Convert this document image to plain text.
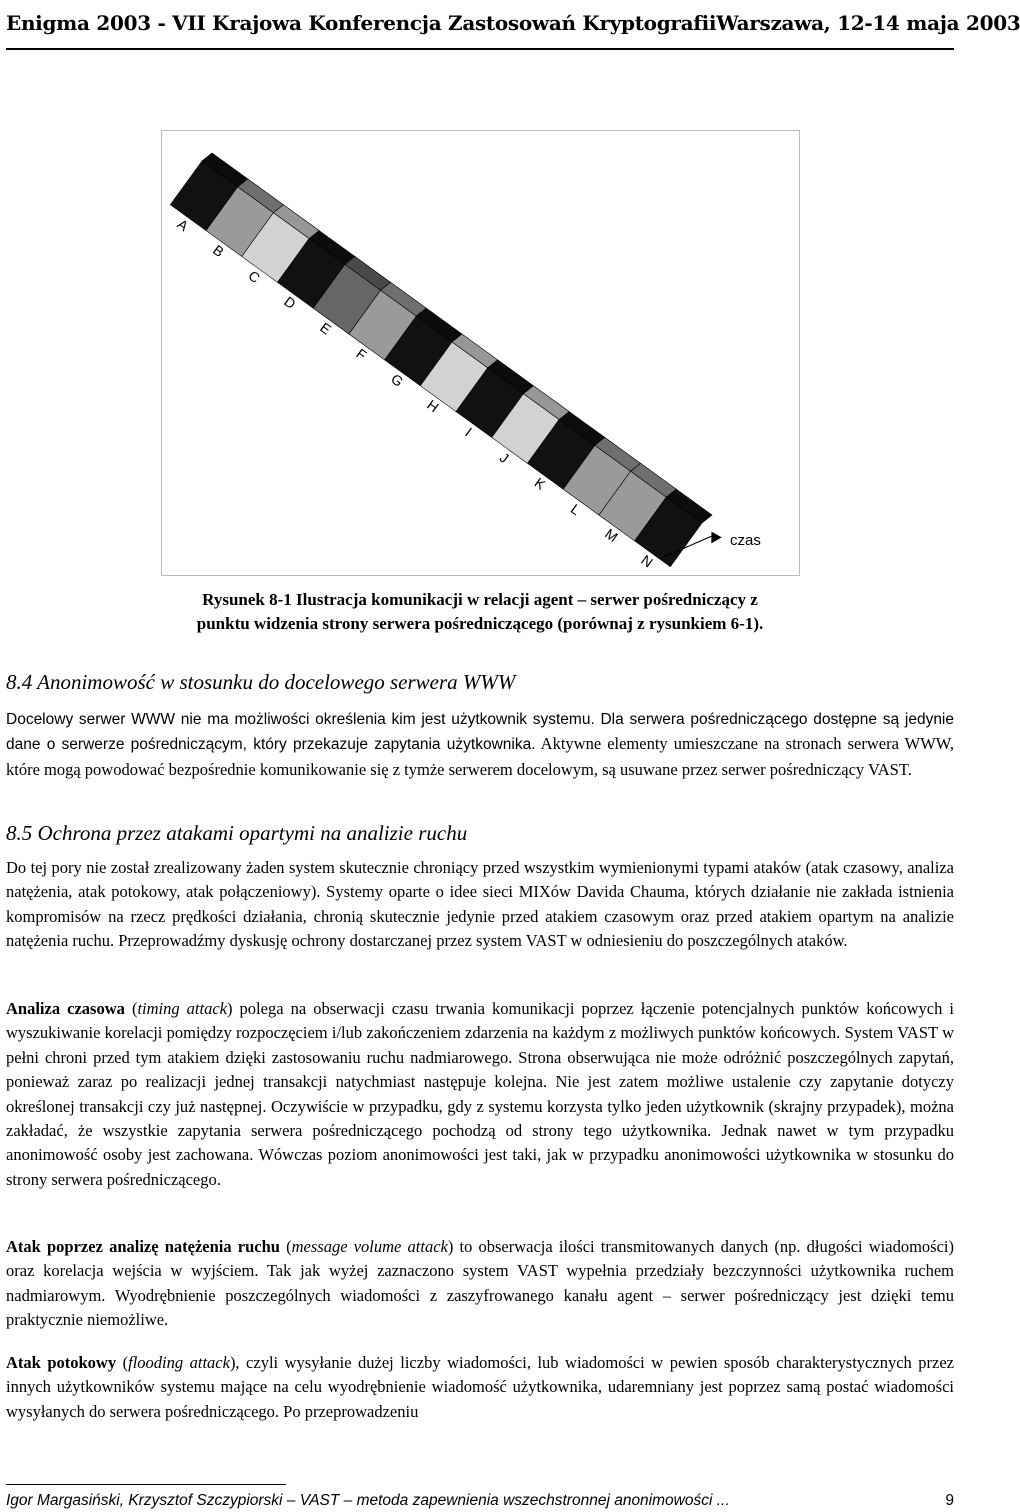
Enigma 2003 - VII Krajowa Konferencja Zastosowań Kryptografii Warszawa, 12-14 maja 2003
A
B
C
D
E
F
G
H
I
J
K
L
M
N
czas
Rysunek 8-1 Ilustracja komunikacji w relacji agent – serwer pośredniczący z
punktu widzenia strony serwera pośredniczącego (porównaj z rysunkiem 6-1).
8.4 Anonimowość w stosunku do docelowego serwera WWW

Docelowy serwer WWW nie ma możliwości określenia kim jest użytkownik systemu. Dla serwera pośredniczącego dostępne są jedynie dane o serwerze pośredniczącym, który przekazuje zapytania użytkownika. Aktywne elementy umieszczane na stronach serwera WWW, które mogą powodować bezpośrednie komunikowanie się z tymże serwerem docelowym, są usuwane przez serwer pośredniczący VAST.

8.5 Ochrona przez atakami opartymi na analizie ruchu

Do tej pory nie został zrealizowany żaden system skutecznie chroniący przed wszystkim wymienionymi typami ataków (atak czasowy, analiza natężenia, atak potokowy, atak połączeniowy). Systemy oparte o idee sieci MIXów Davida Chauma, których działanie nie zakłada istnienia kompromisów na rzecz prędkości działania, chronią skutecznie jedynie przed atakiem czasowym oraz przed atakiem opartym na analizie natężenia ruchu. Przeprowadźmy dyskusję ochrony dostarczanej przez system VAST w odniesieniu do poszczególnych ataków.

Analiza czasowa (timing attack) polega na obserwacji czasu trwania komunikacji poprzez łączenie potencjalnych punktów końcowych i wyszukiwanie korelacji pomiędzy rozpoczęciem i/lub zakończeniem zdarzenia na każdym z możliwych punktów końcowych. System VAST w pełni chroni przed tym atakiem dzięki zastosowaniu ruchu nadmiarowego. Strona obserwująca nie może odróżnić poszczególnych zapytań, ponieważ zaraz po realizacji jednej transakcji natychmiast następuje kolejna. Nie jest zatem możliwe ustalenie czy zapytanie dotyczy określonej transakcji czy już następnej. Oczywiście w przypadku, gdy z systemu korzysta tylko jeden użytkownik (skrajny przypadek), można zakładać, że wszystkie zapytania serwera pośredniczącego pochodzą od strony tego użytkownika. Jednak nawet w tym przypadku anonimowość osoby jest zachowana. Wówczas poziom anonimowości jest taki, jak w przypadku anonimowości użytkownika w stosunku do strony serwera pośredniczącego.

Atak poprzez analizę natężenia ruchu (message volume attack) to obserwacja ilości transmitowanych danych (np. długości wiadomości) oraz korelacja wejścia w wyjściem. Tak jak wyżej zaznaczono system VAST wypełnia przedziały bezczynności użytkownika ruchem nadmiarowym. Wyodrębnienie poszczególnych wiadomości z zaszyfrowanego kanału agent – serwer pośredniczący jest dzięki temu praktycznie niemożliwe.

Atak potokowy (flooding attack), czyli wysyłanie dużej liczby wiadomości, lub wiadomości w pewien sposób charakterystycznych przez innych użytkowników systemu mające na celu wyodrębnienie wiadomość użytkownika, udaremniany jest poprzez samą postać wiadomości wysyłanych do serwera pośredniczącego. Po przeprowadzeniu

Igor Margasiński, Krzysztof Szczypiorski – VAST – metoda zapewnienia wszechstronnej anonimowości ...	9
